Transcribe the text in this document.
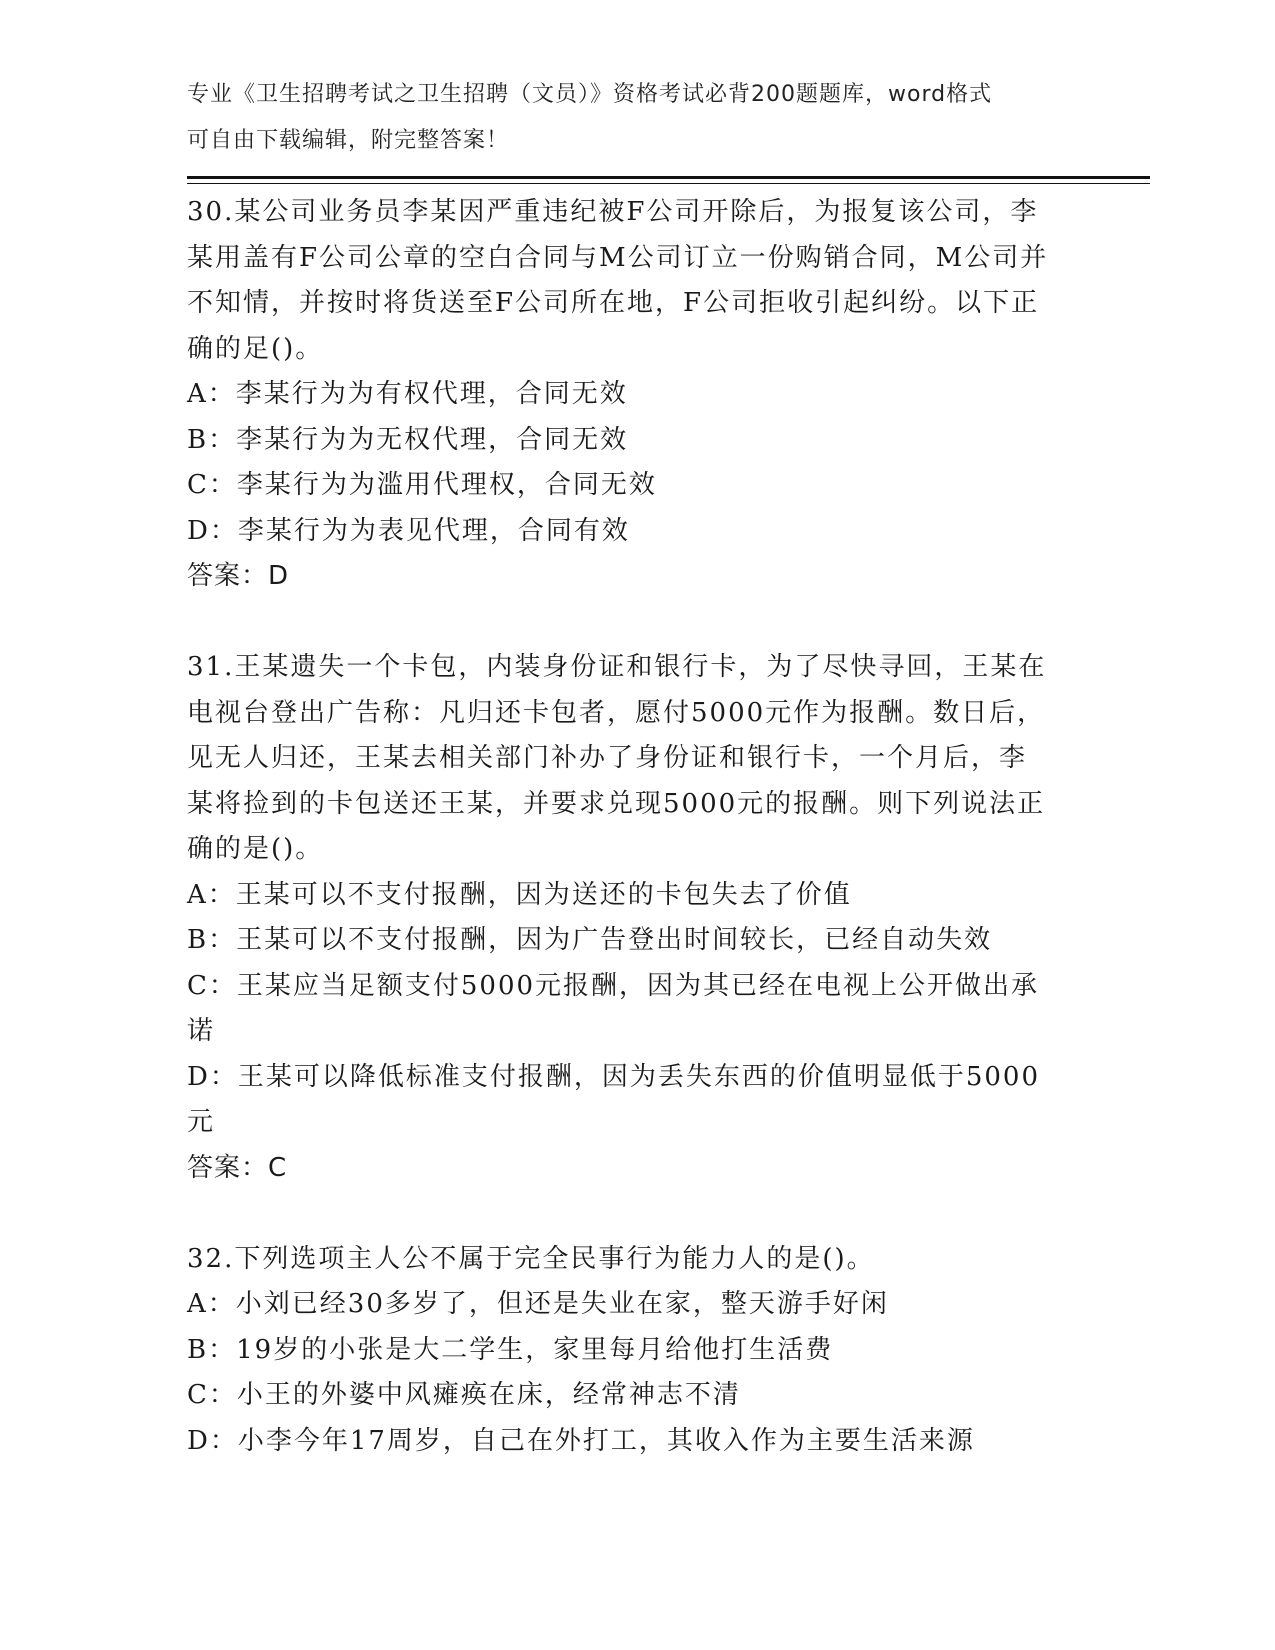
专业《卫生招聘考试之卫生招聘（文员）》资格考试必背200题题库，word格式
可自由下载编辑，附完整答案！
30.某公司业务员李某因严重违纪被F公司开除后，为报复该公司，李
某用盖有F公司公章的空白合同与M公司订立一份购销合同，M公司并
不知情，并按时将货送至F公司所在地，F公司拒收引起纠纷。以下正
确的足()。
A：李某行为为有权代理，合同无效
B：李某行为为无权代理，合同无效
C：李某行为为滥用代理权，合同无效
D：李某行为为表见代理，合同有效
答案：D
31.王某遗失一个卡包，内装身份证和银行卡，为了尽快寻回，王某在
电视台登出广告称：凡归还卡包者，愿付5000元作为报酬。数日后，
见无人归还，王某去相关部门补办了身份证和银行卡，一个月后，李
某将捡到的卡包送还王某，并要求兑现5000元的报酬。则下列说法正
确的是()。
A：王某可以不支付报酬，因为送还的卡包失去了价值
B：王某可以不支付报酬，因为广告登出时间较长，已经自动失效
C：王某应当足额支付5000元报酬，因为其已经在电视上公开做出承
诺
D：王某可以降低标准支付报酬，因为丢失东西的价值明显低于5000
元
答案：C
32.下列选项主人公不属于完全民事行为能力人的是()。
A：小刘已经30多岁了，但还是失业在家，整天游手好闲
B：19岁的小张是大二学生，家里每月给他打生活费
C：小王的外婆中风瘫痪在床，经常神志不清
D：小李今年17周岁，自己在外打工，其收入作为主要生活来源
